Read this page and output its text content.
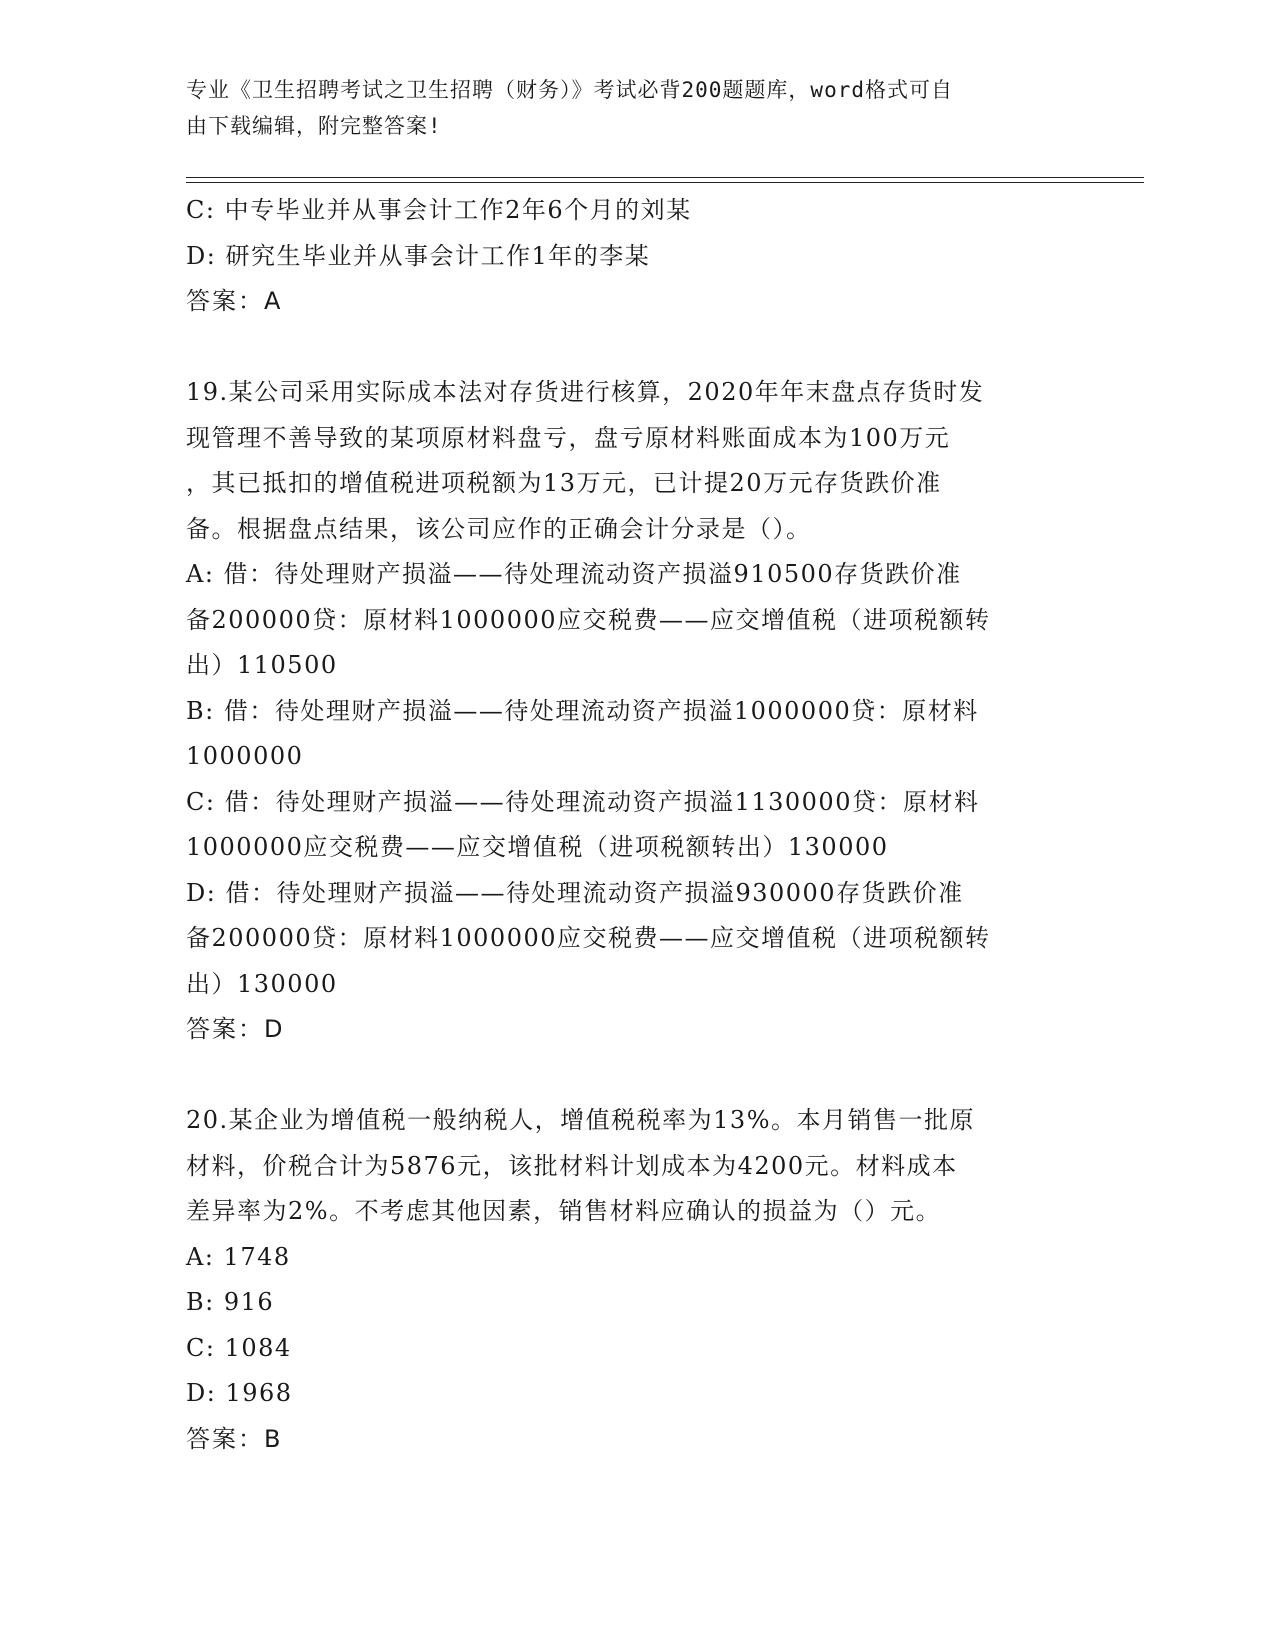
专业《卫生招聘考试之卫生招聘（财务）》考试必背200题题库，word格式可自
由下载编辑，附完整答案!
C: 中专毕业并从事会计工作2年6个月的刘某
D: 研究生毕业并从事会计工作1年的李某
答案：A
19.某公司采用实际成本法对存货进行核算，2020年年末盘点存货时发
现管理不善导致的某项原材料盘亏，盘亏原材料账面成本为100万元
，其已抵扣的增值税进项税额为13万元，已计提20万元存货跌价准
备。根据盘点结果，该公司应作的正确会计分录是（）。
A: 借：待处理财产损溢——待处理流动资产损溢910500存货跌价准
备200000贷：原材料1000000应交税费——应交增值税（进项税额转
出）110500
B: 借：待处理财产损溢——待处理流动资产损溢1000000贷：原材料
1000000
C: 借：待处理财产损溢——待处理流动资产损溢1130000贷：原材料
1000000应交税费——应交增值税（进项税额转出）130000
D: 借：待处理财产损溢——待处理流动资产损溢930000存货跌价准
备200000贷：原材料1000000应交税费——应交增值税（进项税额转
出）130000
答案：D
20.某企业为增值税一般纳税人，增值税税率为13%。本月销售一批原
材料，价税合计为5876元，该批材料计划成本为4200元。材料成本
差异率为2%。不考虑其他因素，销售材料应确认的损益为（）元。
A: 1748
B: 916
C: 1084
D: 1968
答案：B
